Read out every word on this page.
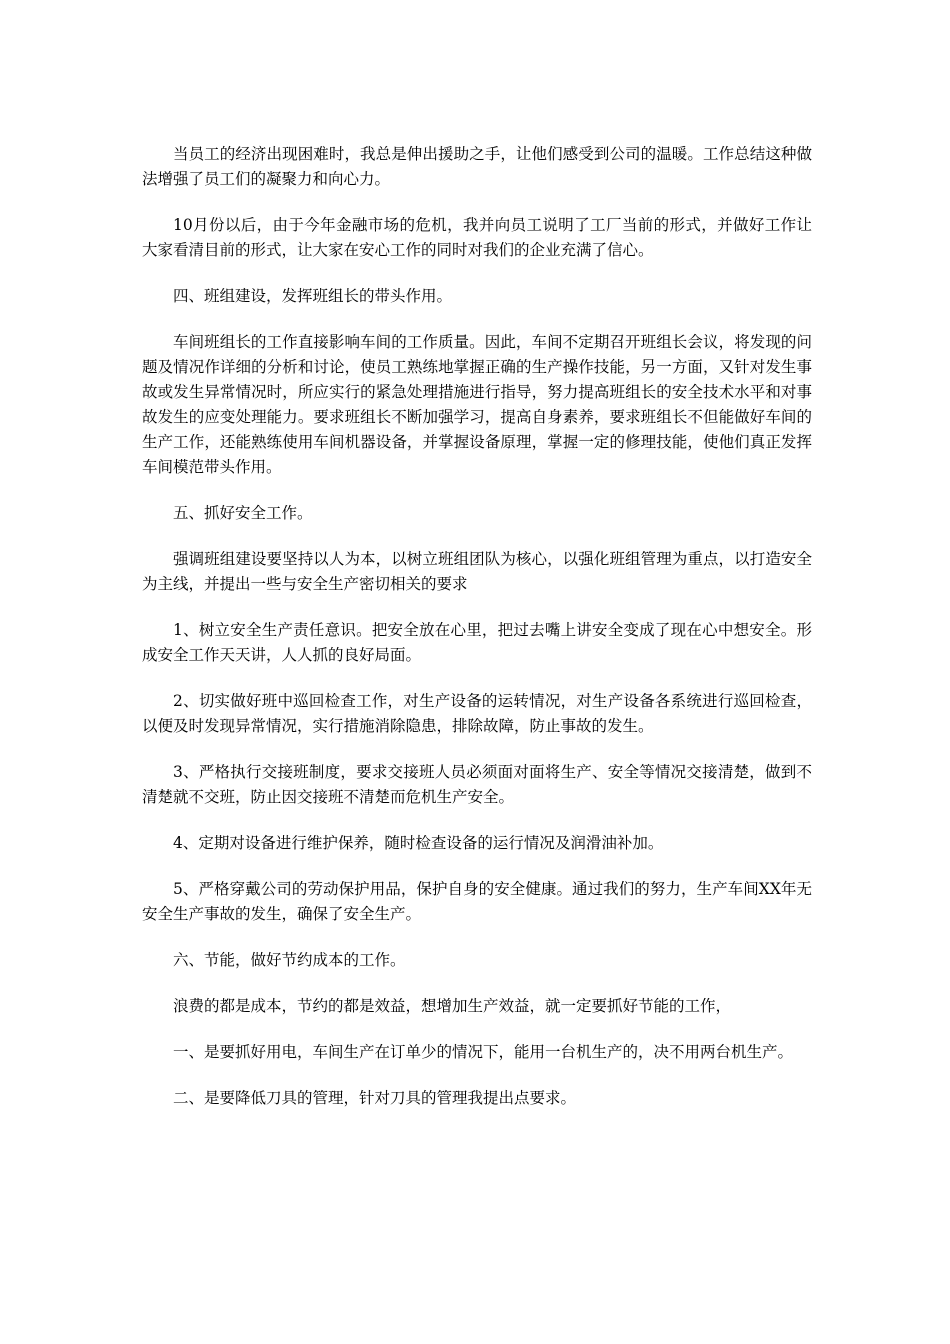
当员工的经济出现困难时，我总是伸出援助之手，让他们感受到公司的温暖。工作总结这种做法增强了员工们的凝聚力和向心力。

10月份以后，由于今年金融市场的危机，我并向员工说明了工厂当前的形式，并做好工作让大家看清目前的形式，让大家在安心工作的同时对我们的企业充满了信心。

四、班组建设，发挥班组长的带头作用。

车间班组长的工作直接影响车间的工作质量。因此，车间不定期召开班组长会议，将发现的问题及情况作详细的分析和讨论，使员工熟练地掌握正确的生产操作技能，另一方面，又针对发生事故或发生异常情况时，所应实行的紧急处理措施进行指导，努力提高班组长的安全技术水平和对事故发生的应变处理能力。要求班组长不断加强学习，提高自身素养，要求班组长不但能做好车间的生产工作，还能熟练使用车间机器设备，并掌握设备原理，掌握一定的修理技能，使他们真正发挥车间模范带头作用。

五、抓好安全工作。

强调班组建设要坚持以人为本，以树立班组团队为核心，以强化班组管理为重点，以打造安全为主线，并提出一些与安全生产密切相关的要求

1、树立安全生产责任意识。把安全放在心里，把过去嘴上讲安全变成了现在心中想安全。形成安全工作天天讲，人人抓的良好局面。

2、切实做好班中巡回检查工作，对生产设备的运转情况，对生产设备各系统进行巡回检查，以便及时发现异常情况，实行措施消除隐患，排除故障，防止事故的发生。

3、严格执行交接班制度，要求交接班人员必须面对面将生产、安全等情况交接清楚，做到不清楚就不交班，防止因交接班不清楚而危机生产安全。

4、定期对设备进行维护保养，随时检查设备的运行情况及润滑油补加。

5、严格穿戴公司的劳动保护用品，保护自身的安全健康。通过我们的努力，生产车间XX年无安全生产事故的发生，确保了安全生产。

六、节能，做好节约成本的工作。

浪费的都是成本，节约的都是效益，想增加生产效益，就一定要抓好节能的工作，

一、是要抓好用电，车间生产在订单少的情况下，能用一台机生产的，决不用两台机生产。

二、是要降低刀具的管理，针对刀具的管理我提出点要求。
